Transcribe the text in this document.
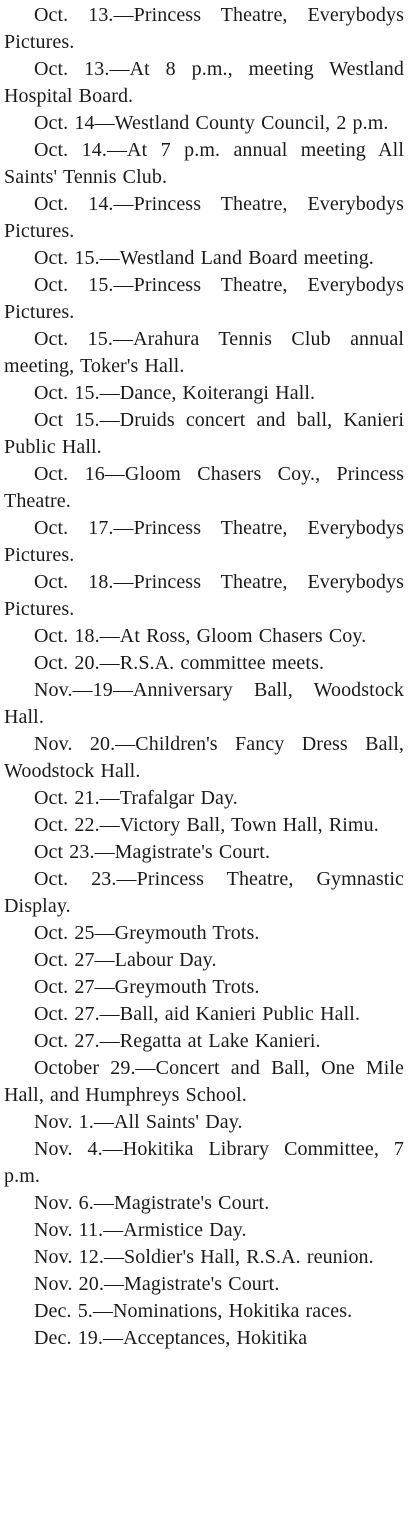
Oct. 13.—Princess Theatre, Everybodys Pictures.

Oct. 13.—At 8 p.m., meeting Westland Hospital Board.

Oct. 14—Westland County Council, 2 p.m.

Oct. 14.—At 7 p.m. annual meeting All Saints' Tennis Club.

Oct. 14.—Princess Theatre, Everybodys Pictures.

Oct. 15.—Westland Land Board meeting.

Oct. 15.—Princess Theatre, Everybodys Pictures.

Oct. 15.—Arahura Tennis Club annual meeting, Toker's Hall.

Oct. 15.—Dance, Koiterangi Hall.

Oct 15.—Druids concert and ball, Kanieri Public Hall.

Oct. 16—Gloom Chasers Coy., Princess Theatre.

Oct. 17.—Princess Theatre, Everybodys Pictures.

Oct. 18.—Princess Theatre, Everybodys Pictures.

Oct. 18.—At Ross, Gloom Chasers Coy.

Oct. 20.—R.S.A. committee meets.

Nov.—19—Anniversary Ball, Woodstock Hall.

Nov. 20.—Children's Fancy Dress Ball, Woodstock Hall.

Oct. 21.—Trafalgar Day.

Oct. 22.—Victory Ball, Town Hall, Rimu.

Oct 23.—Magistrate's Court.

Oct. 23.—Princess Theatre, Gymnastic Display.

Oct. 25—Greymouth Trots.

Oct. 27—Labour Day.

Oct. 27—Greymouth Trots.

Oct. 27.—Ball, aid Kanieri Public Hall.

Oct. 27.—Regatta at Lake Kanieri.

October 29.—Concert and Ball, One Mile Hall, and Humphreys School.

Nov. 1.—All Saints' Day.

Nov. 4.—Hokitika Library Committee, 7 p.m.

Nov. 6.—Magistrate's Court.

Nov. 11.—Armistice Day.

Nov. 12.—Soldier's Hall, R.S.A. reunion.

Nov. 20.—Magistrate's Court.

Dec. 5.—Nominations, Hokitika races.

Dec. 19.—Acceptances, Hokitika
